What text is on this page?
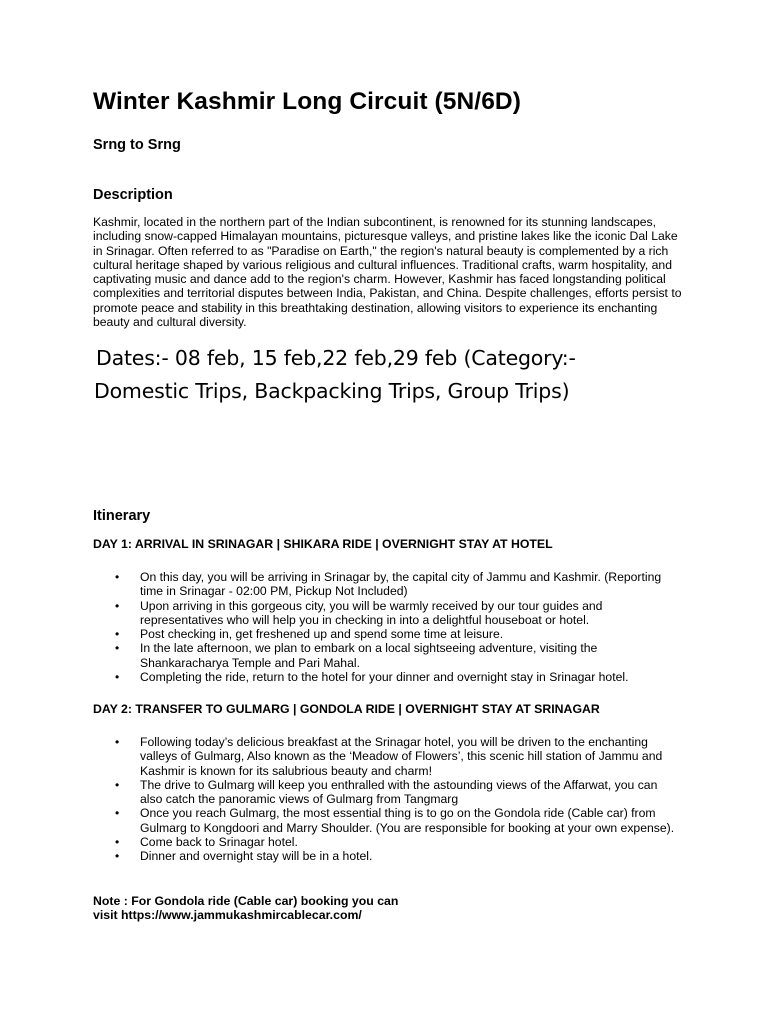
Winter Kashmir Long Circuit (5N/6D)
Srng to Srng
Description

Kashmir, located in the northern part of the Indian subcontinent, is renowned for its stunning landscapes, including snow-capped Himalayan mountains, picturesque valleys, and pristine lakes like the iconic Dal Lake in Srinagar. Often referred to as "Paradise on Earth," the region's natural beauty is complemented by a rich cultural heritage shaped by various religious and cultural influences. Traditional crafts, warm hospitality, and captivating music and dance add to the region's charm. However, Kashmir has faced longstanding political complexities and territorial disputes between India, Pakistan, and China. Despite challenges, efforts persist to promote peace and stability in this breathtaking destination, allowing visitors to experience its enchanting beauty and cultural diversity.

Dates:- 08 feb, 15 feb,22 feb,29 feb (Category:-
Domestic Trips, Backpacking Trips, Group Trips)
Itinerary
DAY 1: ARRIVAL IN SRINAGAR | SHIKARA RIDE | OVERNIGHT STAY AT HOTEL
• On this day, you will be arriving in Srinagar by, the capital city of Jammu and Kashmir. (Reporting time in Srinagar - 02:00 PM, Pickup Not Included)
• Upon arriving in this gorgeous city, you will be warmly received by our tour guides and representatives who will help you in checking in into a delightful houseboat or hotel.
• Post checking in, get freshened up and spend some time at leisure.
• In the late afternoon, we plan to embark on a local sightseeing adventure, visiting the Shankaracharya Temple and Pari Mahal.
• Completing the ride, return to the hotel for your dinner and overnight stay in Srinagar hotel.
DAY 2: TRANSFER TO GULMARG | GONDOLA RIDE | OVERNIGHT STAY AT SRINAGAR
• Following today’s delicious breakfast at the Srinagar hotel, you will be driven to the enchanting valleys of Gulmarg, Also known as the ‘Meadow of Flowers’, this scenic hill station of Jammu and Kashmir is known for its salubrious beauty and charm!
• The drive to Gulmarg will keep you enthralled with the astounding views of the Affarwat, you can also catch the panoramic views of Gulmarg from Tangmarg
• Once you reach Gulmarg, the most essential thing is to go on the Gondola ride (Cable car) from Gulmarg to Kongdoori and Marry Shoulder. (You are responsible for booking at your own expense).
• Come back to Srinagar hotel.
• Dinner and overnight stay will be in a hotel.
Note : For Gondola ride (Cable car) booking you can
visit https://www.jammukashmircablecar.com/
